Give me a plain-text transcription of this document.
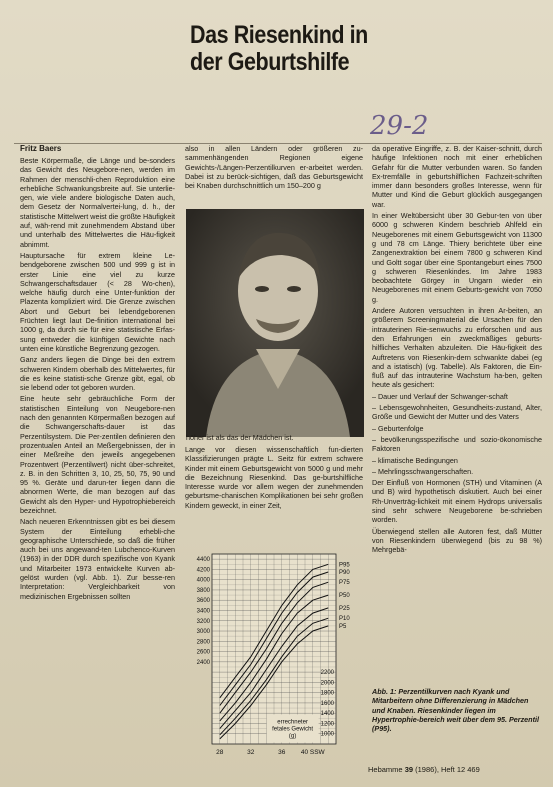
Das Riesenkind in der Geburtshilfe
29-2
Fritz Baers

Beste Körpermaße, die Länge und be-sonders das Gewicht des Neugebore-nen, werden im Rahmen der menschli-chen Reproduktion eine erhebliche Schwankungsbreite auf. Sie unterlie-gen, wie viele andere biologische Daten auch, dem Gesetz der Normalvertei-lung, d. h., der statistische Mittelwert weist die größte Häufigkeit auf, wäh-rend mit zunehmendem Abstand über und unterhalb des Mittelwertes die Häu-figkeit abnimmt.

Hauptursache für extrem kleine Le-bendgeborene zwischen 500 und 999 g ist in erster Linie eine viel zu kurze Schwangerschaftsdauer (< 28 Wo-chen), welche häufig durch eine Unter-funktion der Plazenta kompliziert wird. Die Grenze zwischen Abort und Geburt bei lebendgeborenen Früchten liegt laut De-finition international bei 1000 g, da durch sie für eine statistische Erfas-sung entweder die künftigen Gewichte nach unten eine künstliche Begrenzung gezogen.

Ganz anders liegen die Dinge bei den extrem schweren Kindern oberhalb des Mittelwertes, für die es keine statisti-sche Grenze gibt, egal, ob sie lebend oder tot geboren wurden.

Eine heute sehr gebräuchliche Form der statistischen Einteilung von Neugebore-nen nach den genannten Körpermaßen bezogen auf die Schwangerschafts-dauer ist das Perzentilsystem. Die Per-zentilen definieren den prozentualen Anteil an Meßergebnissen, der in einer Meßreihe den jeweils angegebenen Prozentwert (Perzentilwert) nicht über-schreitet, z. B. in den Schritten 3, 10, 25, 50, 75, 90 und 95 %. Geräte und darun-ter liegen dann die abnormen Werte, die man bezogen auf das Gewicht als den Hyper- und Hypotrophiebereich bezeichnet.

Nach neueren Erkenntnissen gibt es bei diesem System der Einteilung erhebli-che geographische Unterschiede, so daß die früher auch bei uns angewand-ten Lubchenco-Kurven (1963) in der DDR durch spezifische von Kyank und Mitarbeiter 1973 entwickelte Kurven ab-gelöst wurden (vgl. Abb. 1). Zur besse-ren Interpretation: Vergleichbarkeit von medizinischen Ergebnissen sollten

also in allen Ländern oder größeren zu-sammenhängenden Regionen eigene Gewichts-/Längen-Perzentilkurven er-arbeitet werden. Dabei ist zu berück-sichtigen, daß das Geburtsgewicht bei Knaben durchschnittlich um 150–200 g

höher ist als das der Mädchen ist.

Lange vor diesen wissenschaftlich fun-dierten Klassifizierungen prägte L. Seitz für extrem schwere Kinder mit einem Geburtsgewicht von 5000 g und mehr die Bezeichnung Riesenkind. Das ge-burtshilfliche Interesse wurde vor allem wegen der zunehmenden geburtsme-chanischen Komplikationen bei sehr großen Kindern geweckt, in einer Zeit,

4400
4200
4000
3800
3600
3400
3200
3000
2800
2600
2400
2200
2000
1800
1600
1400
1200
1000
28	32	36 40 SSW
P95
P90
P75
P50
P25
P10
P5
errechneter
fetales Gewicht
(g)

da operative Eingriffe, z. B. der Kaiser-schnitt, durch häufige Infektionen noch mit einer erheblichen Gefahr für die Mutter verbunden waren. So fanden Ex-tremfälle in geburtshilflichen Fachzeit-schriften immer dann besonders großes Interesse, wenn für Mutter und Kind die Geburt glücklich ausgegangen war.

In einer Weltübersicht über 30 Gebur-ten von über 6000 g schweren Kindern beschrieb Ahlfeld ein Neugeborenes mit einem Geburtsgewicht von 11300 g und 78 cm Länge. Thiery berichtete über eine Zangenextraktion bei einem 7800 g schweren Kind und Goltt sogar über eine Spontangeburt eines 7500 g schweren Riesenkindes. Im Jahre 1983 beobachtete Görgey in Ungarn wieder ein Neugeborenes mit einem Geburts-gewicht von 7050 g.

Andere Autoren versuchten in ihren Ar-beiten, an größerem Screeningmaterial die Ursachen für den intrauterinen Rie-senwuchs zu erforschen und aus den Erfahrungen ein zweckmäßiges geburts-hilfliches Verhalten abzuleiten. Die Häu-figkeit des Auftretens von Riesenkin-dern schwankte dabei (eg and a istatisch) (vg. Tabelle). Als Faktoren, die Ein-fluß auf das intrauterine Wachstum ha-ben, gelten heute als gesichert:

– Dauer und Verlauf der Schwanger-schaft

– Lebensgewohnheiten, Gesundheits-zustand, Alter, Größe und Gewicht der Mutter und des Vaters

– Geburtenfolge

– bevölkerungsspezifische und sozio-ökonomische Faktoren

– klimatische Bedingungen

– Mehrlingsschwangerschaften.

Der Einfluß von Hormonen (STH) und Vitaminen (A und B) wird hypothetisch diskutiert. Auch bei einer Rh-Unverträg-lichkeit mit einem Hydrops universalis sind sehr schwere Neugeborene be-schrieben worden.

Überwiegend stellen alle Autoren fest, daß Mütter von Riesenkindern überwiegend (bis zu 98 %) Mehrgebä-

Abb. 1: Perzentilkurven nach Kyank und Mitarbeitern ohne Differenzierung in Mädchen und Knaben. Riesenkinder liegen im Hypertrophie-bereich weit über dem 95. Perzentil (P95).
Hebamme 39 (1986), Heft 12 469
